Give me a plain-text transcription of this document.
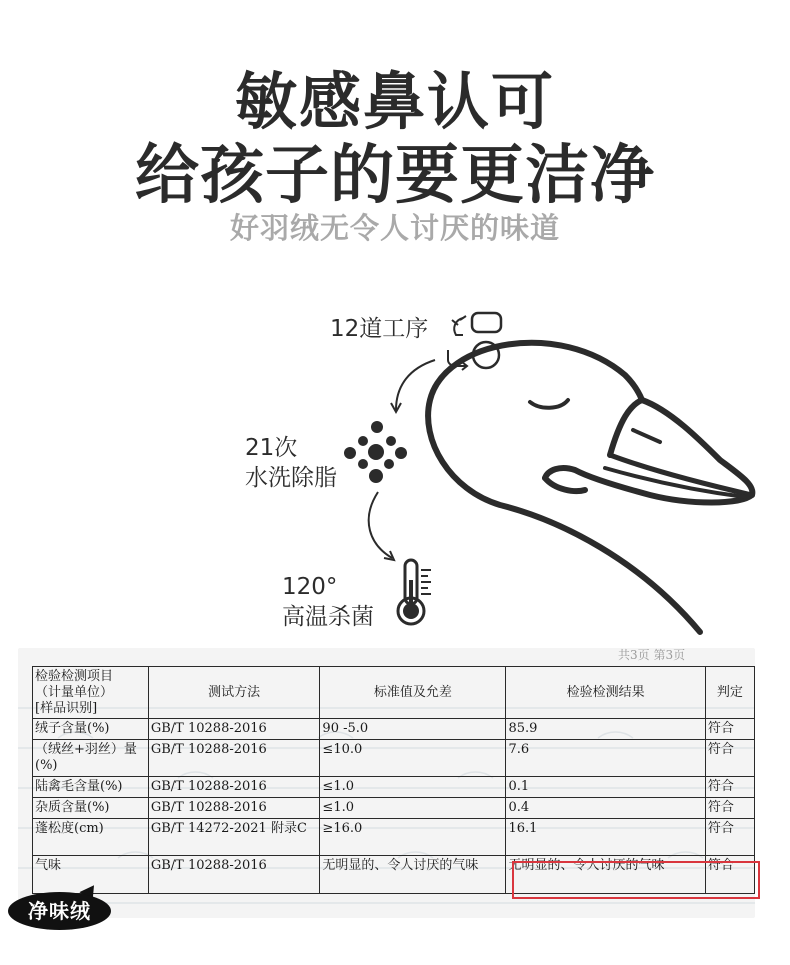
敏感鼻认可
给孩子的要更洁净
好羽绒无令人讨厌的味道
12道工序
21次
水洗除脂
120°
高温杀菌
共3页 第3页
检验检测项目
（计量单位）
[样品识别]	测试方法	标准值及允差	检验检测结果	判定
绒子含量(%)	GB/T 10288-2016	90 -5.0	85.9	符合
（绒丝+羽丝）量(%)	GB/T 10288-2016	≤10.0	7.6	符合
陆禽毛含量(%)	GB/T 10288-2016	≤1.0	0.1	符合
杂质含量(%)	GB/T 10288-2016	≤1.0	0.4	符合
蓬松度(cm)	GB/T 14272-2021 附录C	≥16.0	16.1	符合
气味	GB/T 10288-2016	无明显的、令人讨厌的气味	无明显的、令人讨厌的气味	符合
净味绒
